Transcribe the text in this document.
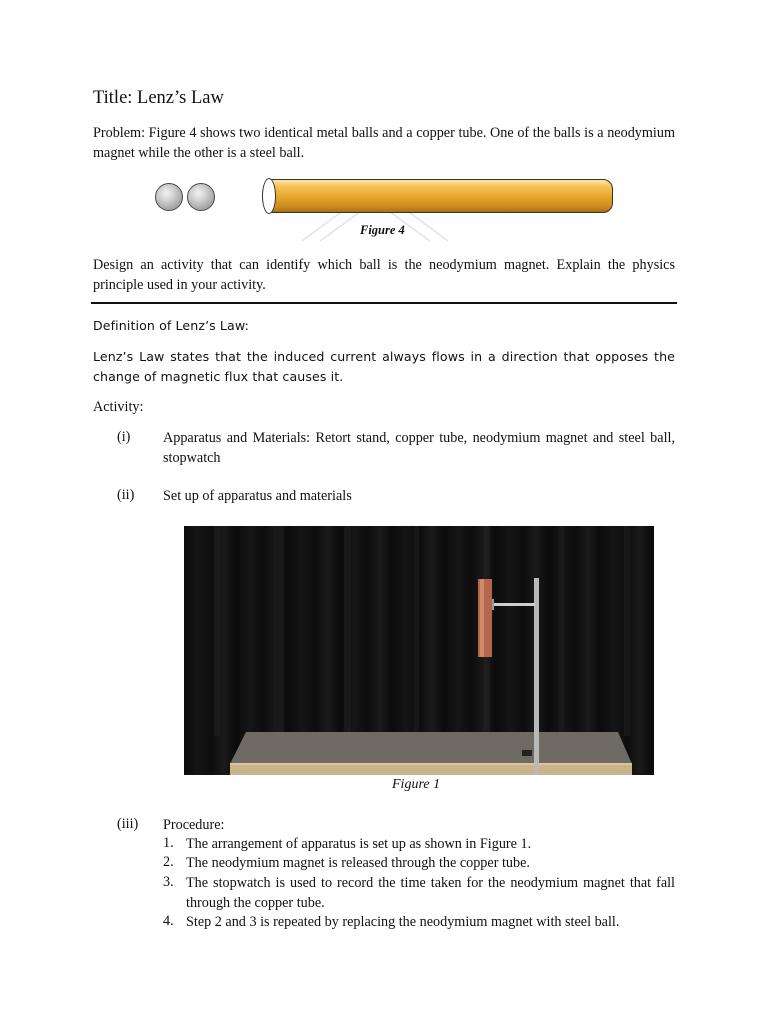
Title: Lenz’s Law
Problem: Figure 4 shows two identical metal balls and a copper tube. One of the balls is a neodymium magnet while the other is a steel ball.
Figure 4
Design an activity that can identify which ball is the neodymium magnet. Explain the physics principle used in your activity.
Definition of Lenz’s Law:
Lenz’s Law states that the induced current always flows in a direction that opposes the change of magnetic flux that causes it.
Activity:
(i) Apparatus and Materials: Retort stand, copper tube, neodymium magnet and steel ball, stopwatch
(ii) Set up of apparatus and materials
Figure 1
(iii) Procedure:
1. The arrangement of apparatus is set up as shown in Figure 1.
2. The neodymium magnet is released through the copper tube.
3. The stopwatch is used to record the time taken for the neodymium magnet that fall through the copper tube.
4. Step 2 and 3 is repeated by replacing the neodymium magnet with steel ball.
